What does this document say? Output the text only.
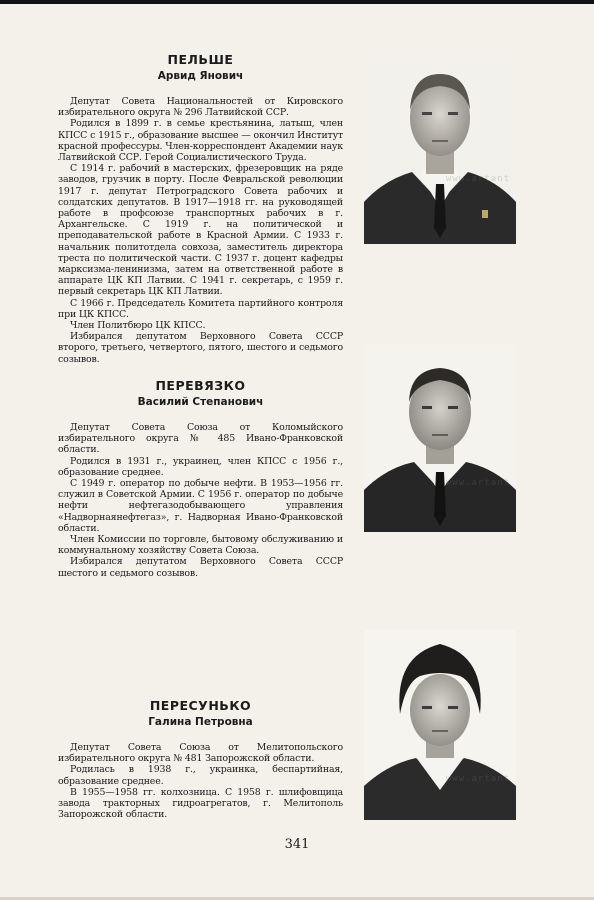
ПЕЛЬШЕ

Арвид Янович

Депутат Совета Национальностей от Кировского избирательного округа № 296 Латвийской ССР.

Родился в 1899 г. в семье крестьянина, латыш, член КПСС с 1915 г., образование высшее — окончил Институт красной профессуры. Член-корреспондент Академии наук Латвийской ССР. Герой Социалистического Труда.

С 1914 г. рабочий в мастерских, фрезеровщик на ряде заводов, грузчик в порту. После Февральской революции 1917 г. депутат Петроградского Совета рабочих и солдатских депутатов. В 1917—1918 гг. на руководящей работе в профсоюзе транспортных рабочих в г. Архангельске. С 1919 г. на политической и преподавательской работе в Красной Армии. С 1933 г. начальник политотдела совхоза, заместитель директора треста по политической части. С 1937 г. доцент кафедры марксизма-ленинизма, затем на ответственной работе в аппарате ЦК КП Латвии. С 1941 г. секретарь, с 1959 г. первый секретарь ЦК КП Латвии.

С 1966 г. Председатель Комитета партийного контроля при ЦК КПСС.

Член Политбюро ЦК КПСС.

Избирался депутатом Верховного Совета СССР второго, третьего, четвертого, пятого, шестого и седьмого созывов.

ПЕРЕВЯЗКО

Василий Степанович

Депутат Совета Союза от Коломыйского избирательного округа № 485 Ивано-Франковской области.

Родился в 1931 г., украинец, член КПСС с 1956 г., образование среднее.

С 1949 г. оператор по добыче нефти. В 1953—1956 гг. служил в Советской Армии. С 1956 г. оператор по добыче нефти нефтегазодобывающего управления «Надворнаянефтегаз», г. Надворная Ивано-Франковской области.

Член Комиссии по торговле, бытовому обслуживанию и коммунальному хозяйству Совета Союза.

Избирался депутатом Верховного Совета СССР шестого и седьмого созывов.

ПЕРЕСУНЬКО

Галина Петровна

Депутат Совета Союза от Мелитопольского избирательного округа № 481 Запорожской области.

Родилась в 1938 г., украинка, беспартийная, образование среднее.

В 1955—1958 гг. колхозница. С 1958 г. шлифовщица завода тракторных гидроагрегатов, г. Мелитополь Запорожской области.

www.artant
www.artant
www.artant
341
